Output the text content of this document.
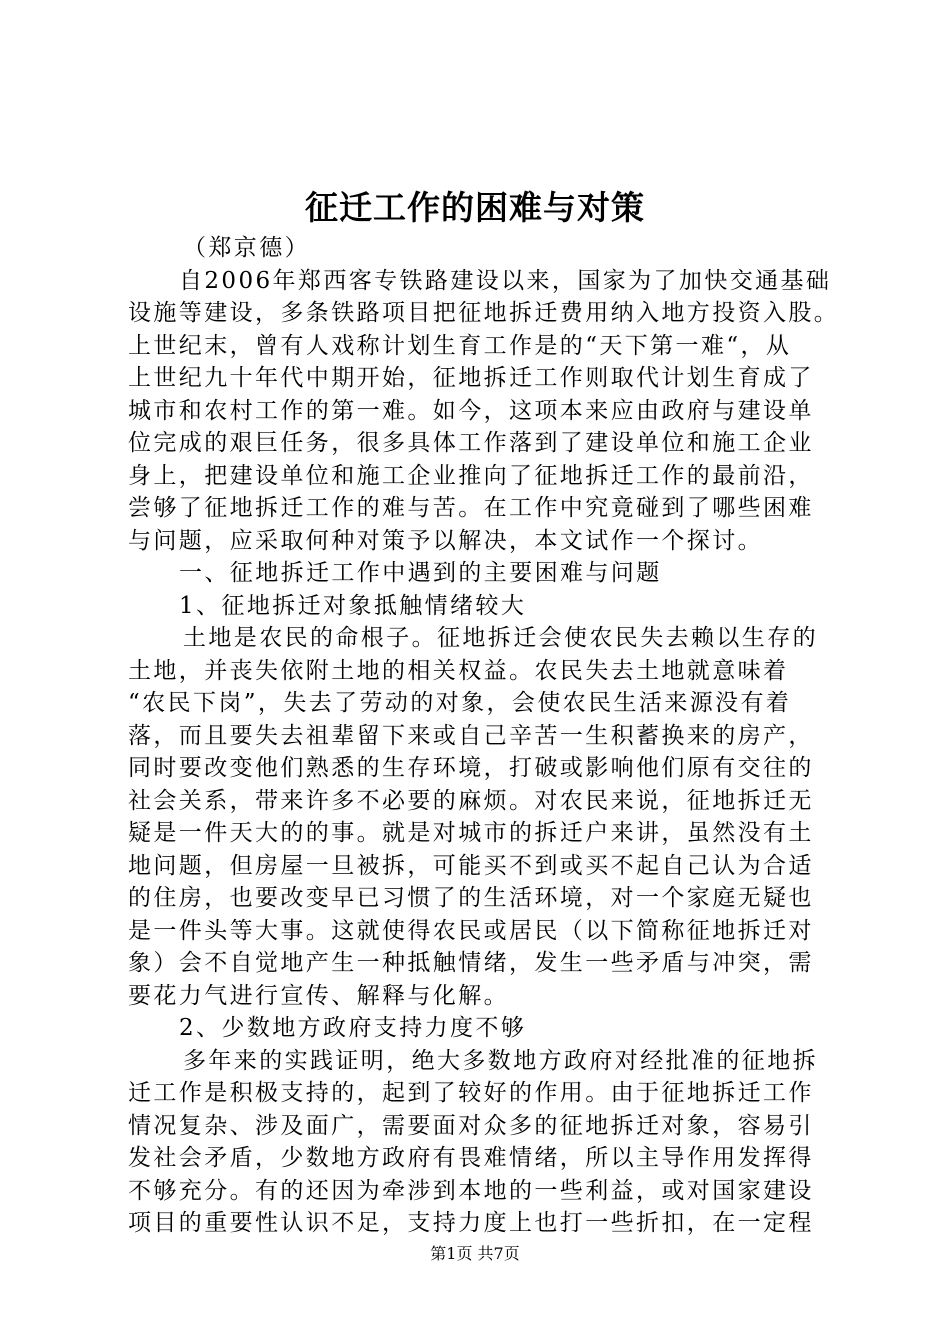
征迁工作的困难与对策
（郑京德）
自2006年郑西客专铁路建设以来，国家为了加快交通基础
设施等建设，多条铁路项目把征地拆迁费用纳入地方投资入股。
上世纪末，曾有人戏称计划生育工作是的“天下第一难“，从
上世纪九十年代中期开始，征地拆迁工作则取代计划生育成了
城市和农村工作的第一难。如今，这项本来应由政府与建设单
位完成的艰巨任务，很多具体工作落到了建设单位和施工企业
身上，把建设单位和施工企业推向了征地拆迁工作的最前沿，
尝够了征地拆迁工作的难与苦。在工作中究竟碰到了哪些困难
与问题，应采取何种对策予以解决，本文试作一个探讨。
一、征地拆迁工作中遇到的主要困难与问题
1、征地拆迁对象抵触情绪较大
土地是农民的命根子。征地拆迁会使农民失去赖以生存的
土地，并丧失依附土地的相关权益。农民失去土地就意味着
“农民下岗”，失去了劳动的对象，会使农民生活来源没有着
落，而且要失去祖辈留下来或自己辛苦一生积蓄换来的房产，
同时要改变他们熟悉的生存环境，打破或影响他们原有交往的
社会关系，带来许多不必要的麻烦。对农民来说，征地拆迁无
疑是一件天大的的事。就是对城市的拆迁户来讲，虽然没有土
地问题，但房屋一旦被拆，可能买不到或买不起自己认为合适
的住房，也要改变早已习惯了的生活环境，对一个家庭无疑也
是一件头等大事。这就使得农民或居民（以下简称征地拆迁对
象）会不自觉地产生一种抵触情绪，发生一些矛盾与冲突，需
要花力气进行宣传、解释与化解。
2、少数地方政府支持力度不够
多年来的实践证明，绝大多数地方政府对经批准的征地拆
迁工作是积极支持的，起到了较好的作用。由于征地拆迁工作
情况复杂、涉及面广，需要面对众多的征地拆迁对象，容易引
发社会矛盾，少数地方政府有畏难情绪，所以主导作用发挥得
不够充分。有的还因为牵涉到本地的一些利益，或对国家建设
项目的重要性认识不足，支持力度上也打一些折扣，在一定程
第1页 共7页
